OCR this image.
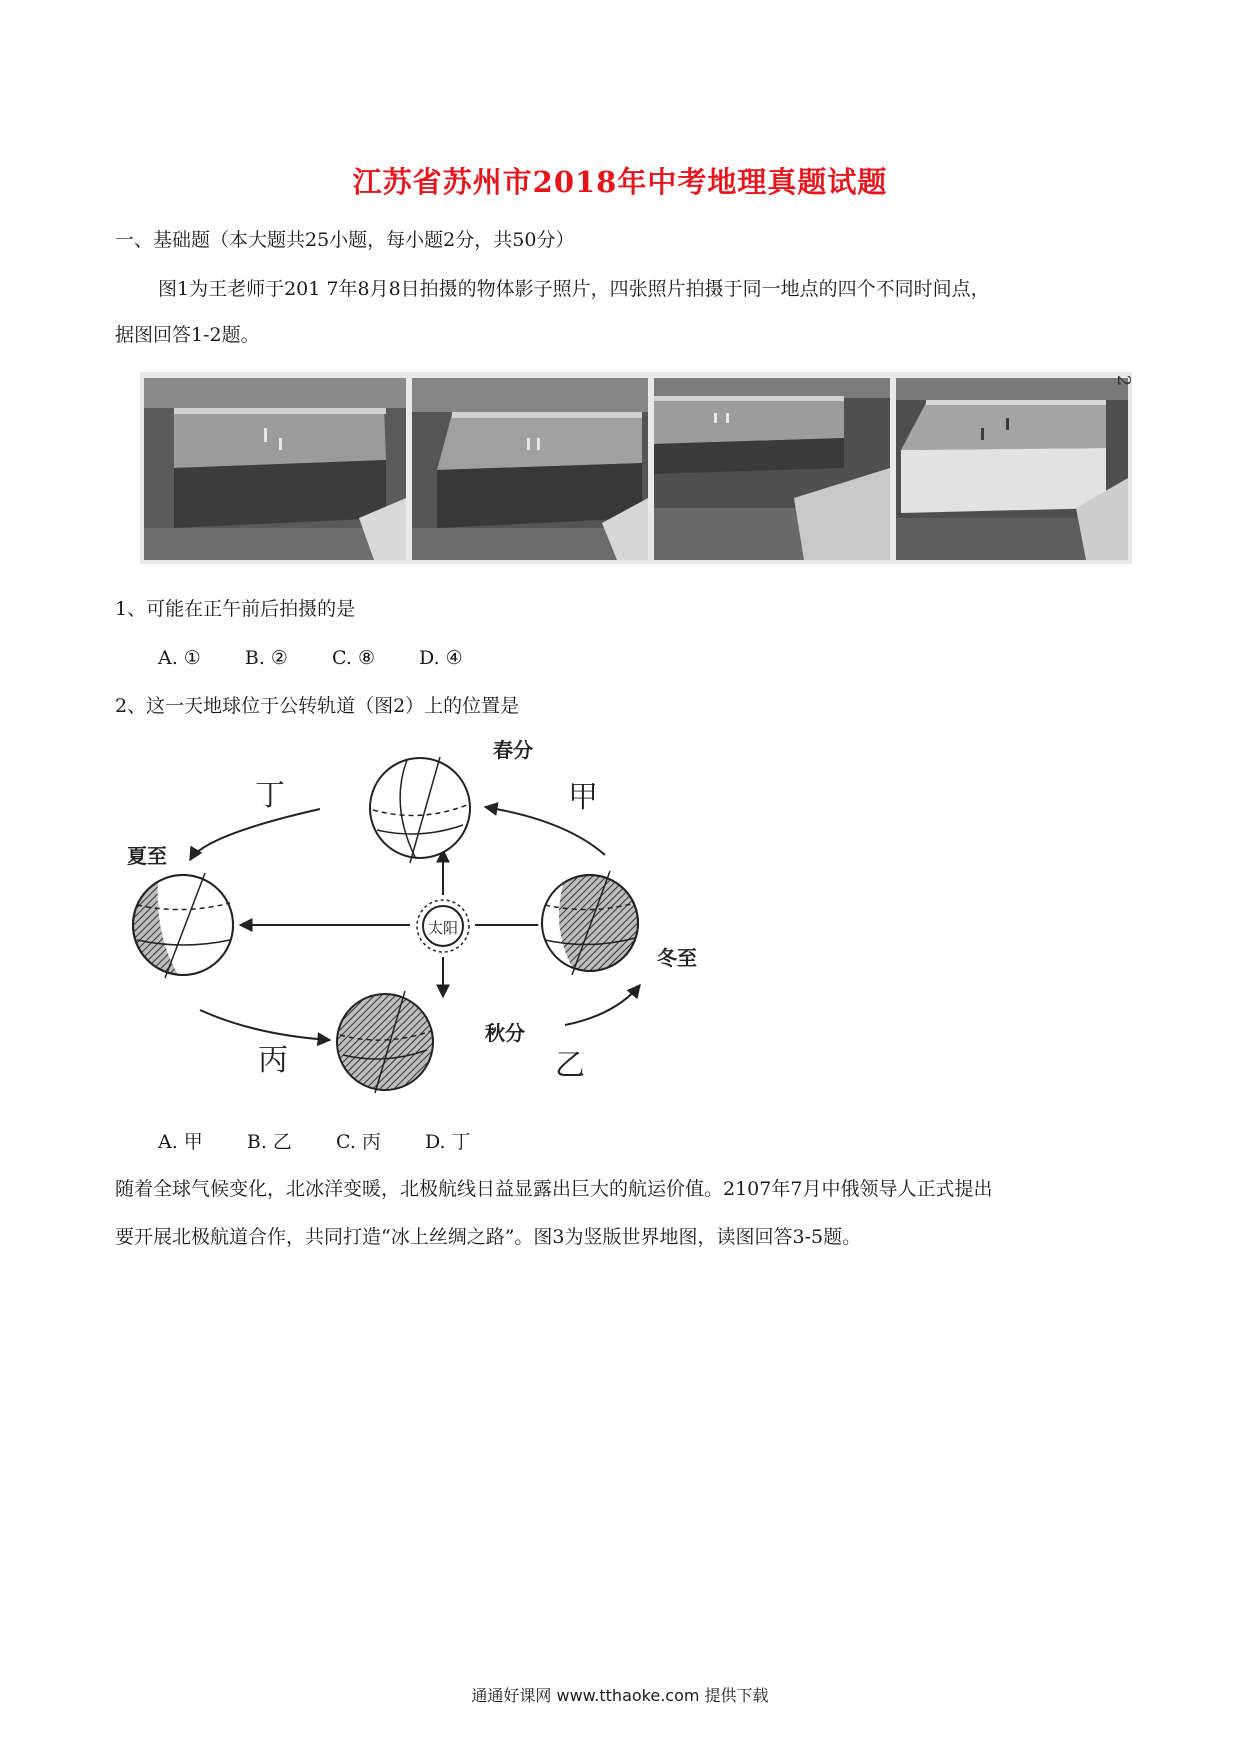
江苏省苏州市2018年中考地理真题试题
一、基础题（本大题共25小题，每小题2分，共50分）
图1为王老师于201 7年8月8日拍摄的物体影子照片，四张照片拍摄于同一地点的四个不同时间点，
据图回答1-2题。
2
1、可能在正午前后拍摄的是
A. ① B. ② C. ⑧ D. ④
2、这一天地球位于公转轨道（图2）上的位置是
太阳
春分
夏至
秋分
冬至
甲
乙
丙
丁
A. 甲 B. 乙 C. 丙 D. 丁
随着全球气候变化，北冰洋变暖，北极航线日益显露出巨大的航运价值。2107年7月中俄领导人正式提出
要开展北极航道合作，共同打造“冰上丝绸之路”。图3为竖版世界地图，读图回答3-5题。
通通好课网 www.tthaoke.com 提供下载
